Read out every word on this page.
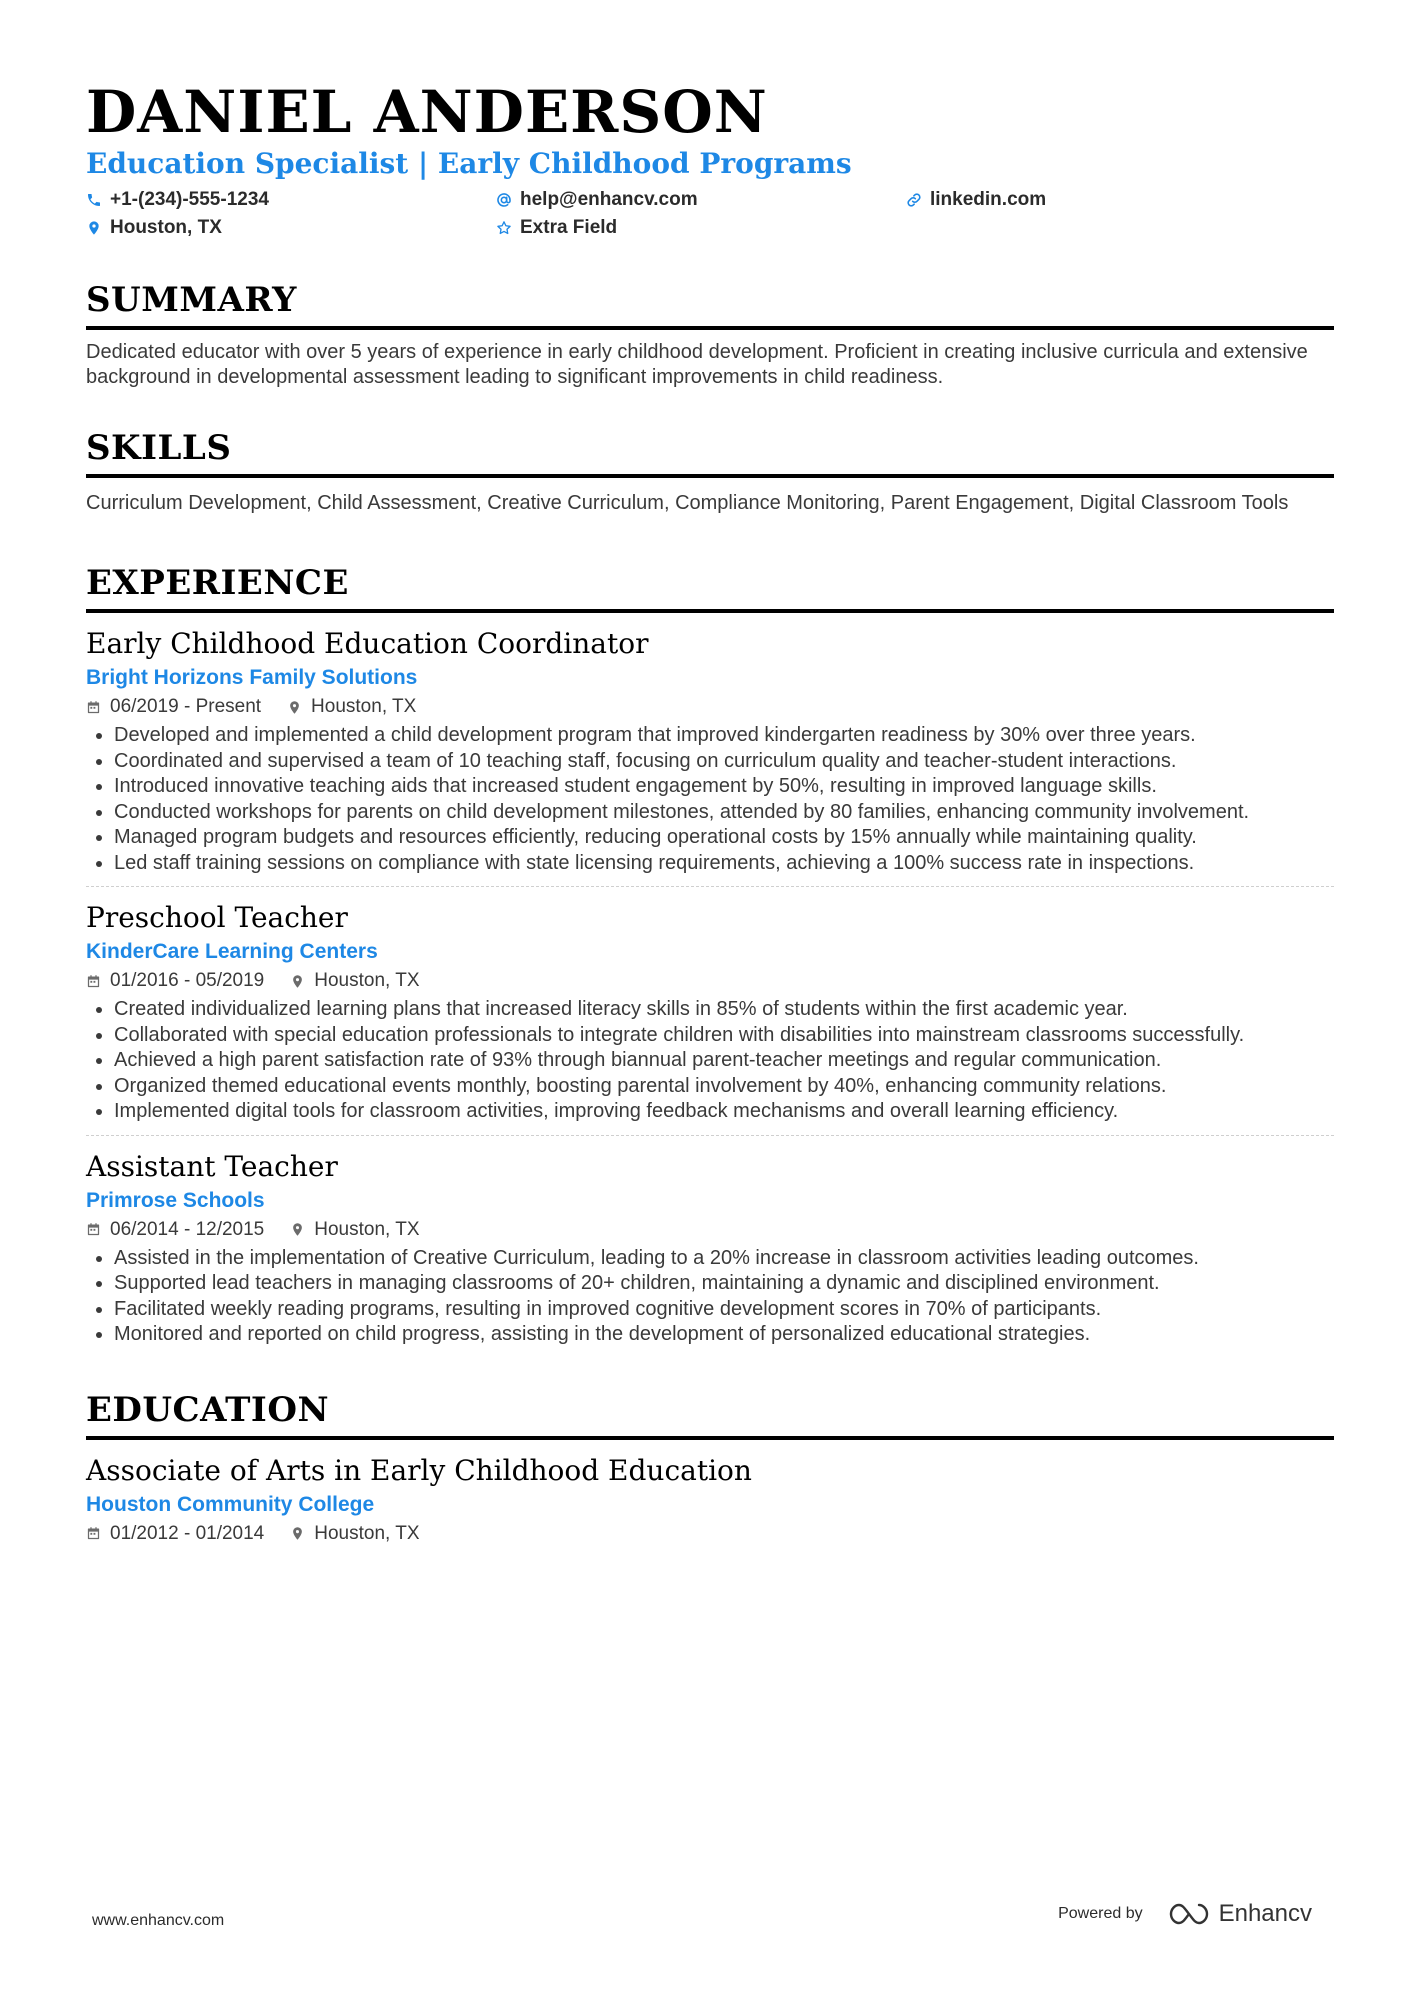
DANIEL ANDERSON
Education Specialist | Early Childhood Programs
+1-(234)-555-1234	help@enhancv.com	linkedin.com
Houston, TX	Extra Field
SUMMARY
Dedicated educator with over 5 years of experience in early childhood development. Proficient in creating inclusive curricula and extensive background in developmental assessment leading to significant improvements in child readiness.
SKILLS
Curriculum Development, Child Assessment, Creative Curriculum, Compliance Monitoring, Parent Engagement, Digital Classroom Tools
EXPERIENCE
Early Childhood Education Coordinator
Bright Horizons Family Solutions
06/2019 - Present	Houston, TX
• Developed and implemented a child development program that improved kindergarten readiness by 30% over three years.
• Coordinated and supervised a team of 10 teaching staff, focusing on curriculum quality and teacher-student interactions.
• Introduced innovative teaching aids that increased student engagement by 50%, resulting in improved language skills.
• Conducted workshops for parents on child development milestones, attended by 80 families, enhancing community involvement.
• Managed program budgets and resources efficiently, reducing operational costs by 15% annually while maintaining quality.
• Led staff training sessions on compliance with state licensing requirements, achieving a 100% success rate in inspections.
Preschool Teacher
KinderCare Learning Centers
01/2016 - 05/2019	Houston, TX
• Created individualized learning plans that increased literacy skills in 85% of students within the first academic year.
• Collaborated with special education professionals to integrate children with disabilities into mainstream classrooms successfully.
• Achieved a high parent satisfaction rate of 93% through biannual parent-teacher meetings and regular communication.
• Organized themed educational events monthly, boosting parental involvement by 40%, enhancing community relations.
• Implemented digital tools for classroom activities, improving feedback mechanisms and overall learning efficiency.
Assistant Teacher
Primrose Schools
06/2014 - 12/2015	Houston, TX
• Assisted in the implementation of Creative Curriculum, leading to a 20% increase in classroom activities leading outcomes.
• Supported lead teachers in managing classrooms of 20+ children, maintaining a dynamic and disciplined environment.
• Facilitated weekly reading programs, resulting in improved cognitive development scores in 70% of participants.
• Monitored and reported on child progress, assisting in the development of personalized educational strategies.
EDUCATION
Associate of Arts in Early Childhood Education
Houston Community College
01/2012 - 01/2014	Houston, TX
www.enhancv.com	Powered by	Enhancv
